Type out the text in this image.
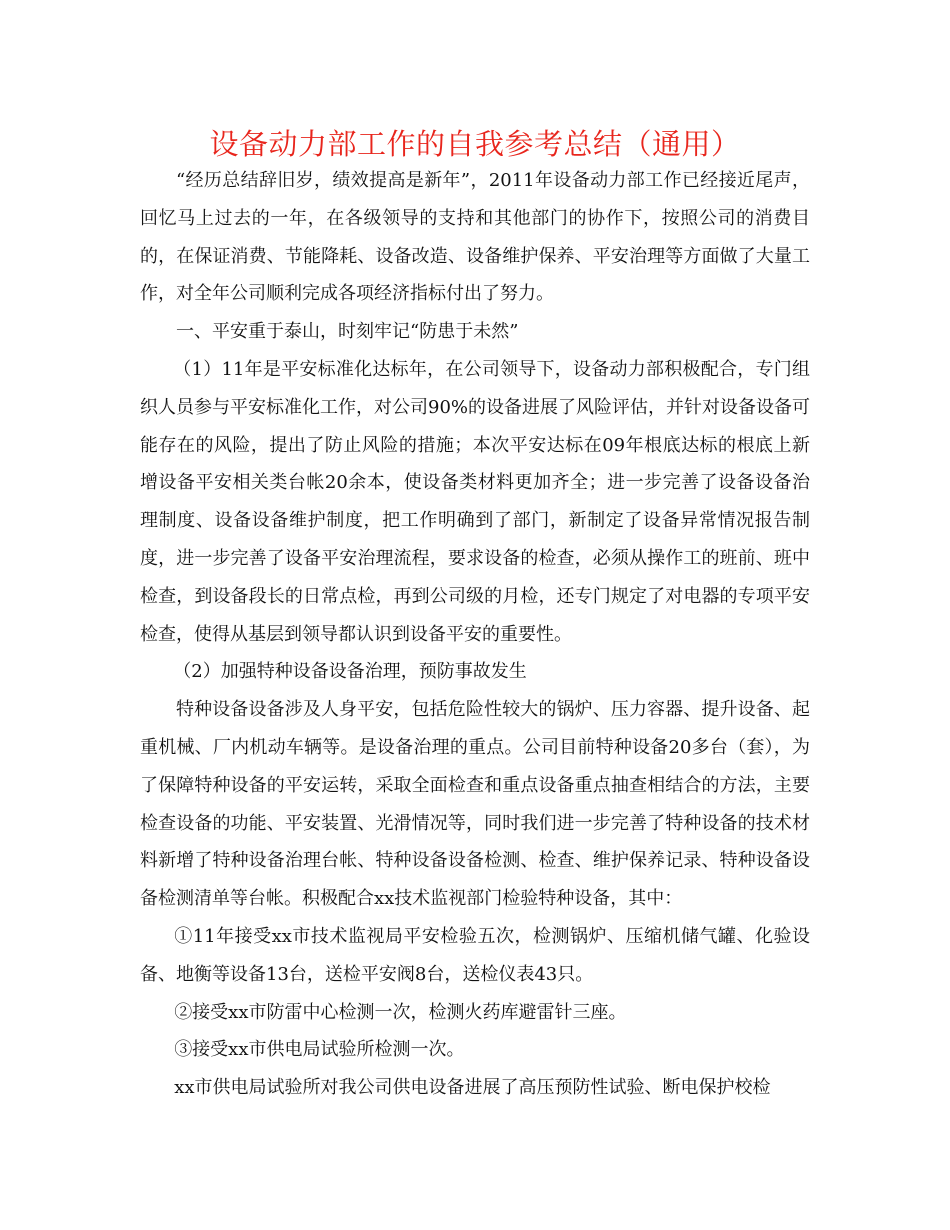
设备动力部工作的自我参考总结（通用）

“经历总结辞旧岁，绩效提高是新年”，2011年设备动力部工作已经接近尾声，回忆马上过去的一年，在各级领导的支持和其他部门的协作下，按照公司的消费目的，在保证消费、节能降耗、设备改造、设备维护保养、平安治理等方面做了大量工作，对全年公司顺利完成各项经济指标付出了努力。

一、平安重于泰山，时刻牢记“防患于未然”

（1）11年是平安标准化达标年，在公司领导下，设备动力部积极配合，专门组织人员参与平安标准化工作，对公司90%的设备进展了风险评估，并针对设备设备可能存在的风险，提出了防止风险的措施；本次平安达标在09年根底达标的根底上新增设备平安相关类台帐20余本，使设备类材料更加齐全；进一步完善了设备设备治理制度、设备设备维护制度，把工作明确到了部门，新制定了设备异常情况报告制度，进一步完善了设备平安治理流程，要求设备的检查，必须从操作工的班前、班中检查，到设备段长的日常点检，再到公司级的月检，还专门规定了对电器的专项平安检查，使得从基层到领导都认识到设备平安的重要性。

（2）加强特种设备设备治理，预防事故发生

特种设备设备涉及人身平安，包括危险性较大的锅炉、压力容器、提升设备、起重机械、厂内机动车辆等。是设备治理的重点。公司目前特种设备20多台（套），为了保障特种设备的平安运转，采取全面检查和重点设备重点抽查相结合的方法，主要检查设备的功能、平安装置、光滑情况等，同时我们进一步完善了特种设备的技术材料新增了特种设备治理台帐、特种设备设备检测、检查、维护保养记录、特种设备设备检测清单等台帐。积极配合xx技术监视部门检验特种设备，其中：

①11年接受xx市技术监视局平安检验五次，检测锅炉、压缩机储气罐、化验设备、地衡等设备13台，送检平安阀8台，送检仪表43只。

②接受xx市防雷中心检测一次，检测火药库避雷针三座。

③接受xx市供电局试验所检测一次。

xx市供电局试验所对我公司供电设备进展了高压预防性试验、断电保护校检
